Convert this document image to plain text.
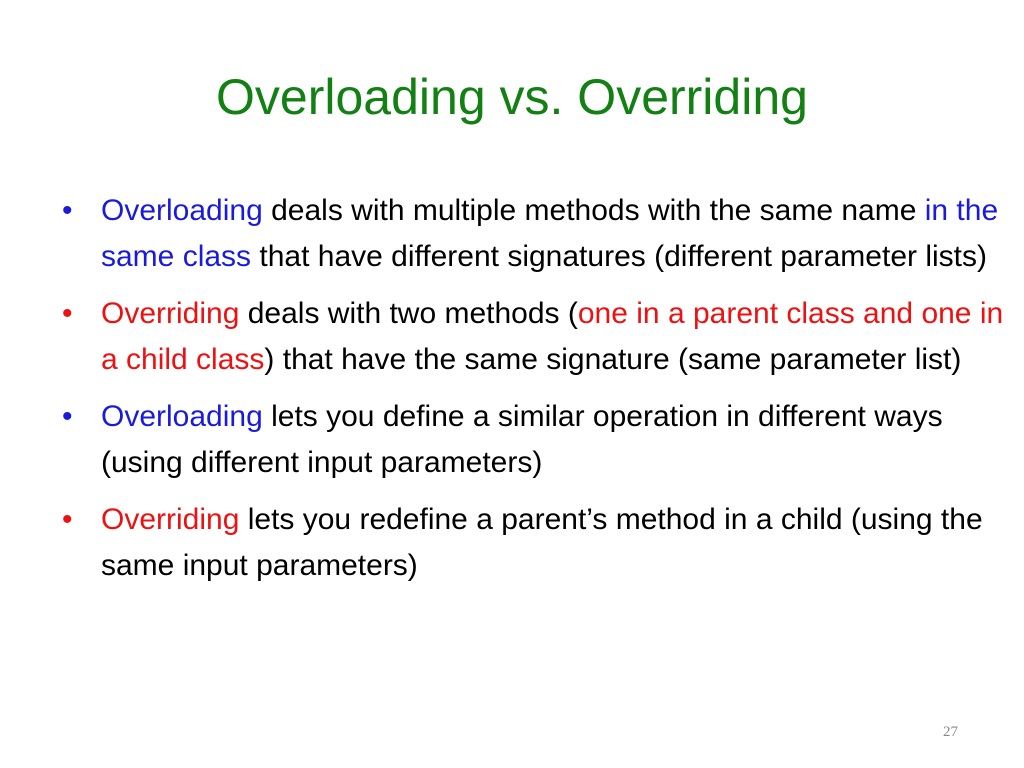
Overloading vs. Overriding
• Overloading deals with multiple methods with the same name in the same class that have different signatures (different parameter lists)
• Overriding deals with two methods (one in a parent class and one in a child class) that have the same signature (same parameter list)
• Overloading lets you define a similar operation in different ways (using different input parameters)
• Overriding lets you redefine a parent’s method in a child (using the same input parameters)
27
